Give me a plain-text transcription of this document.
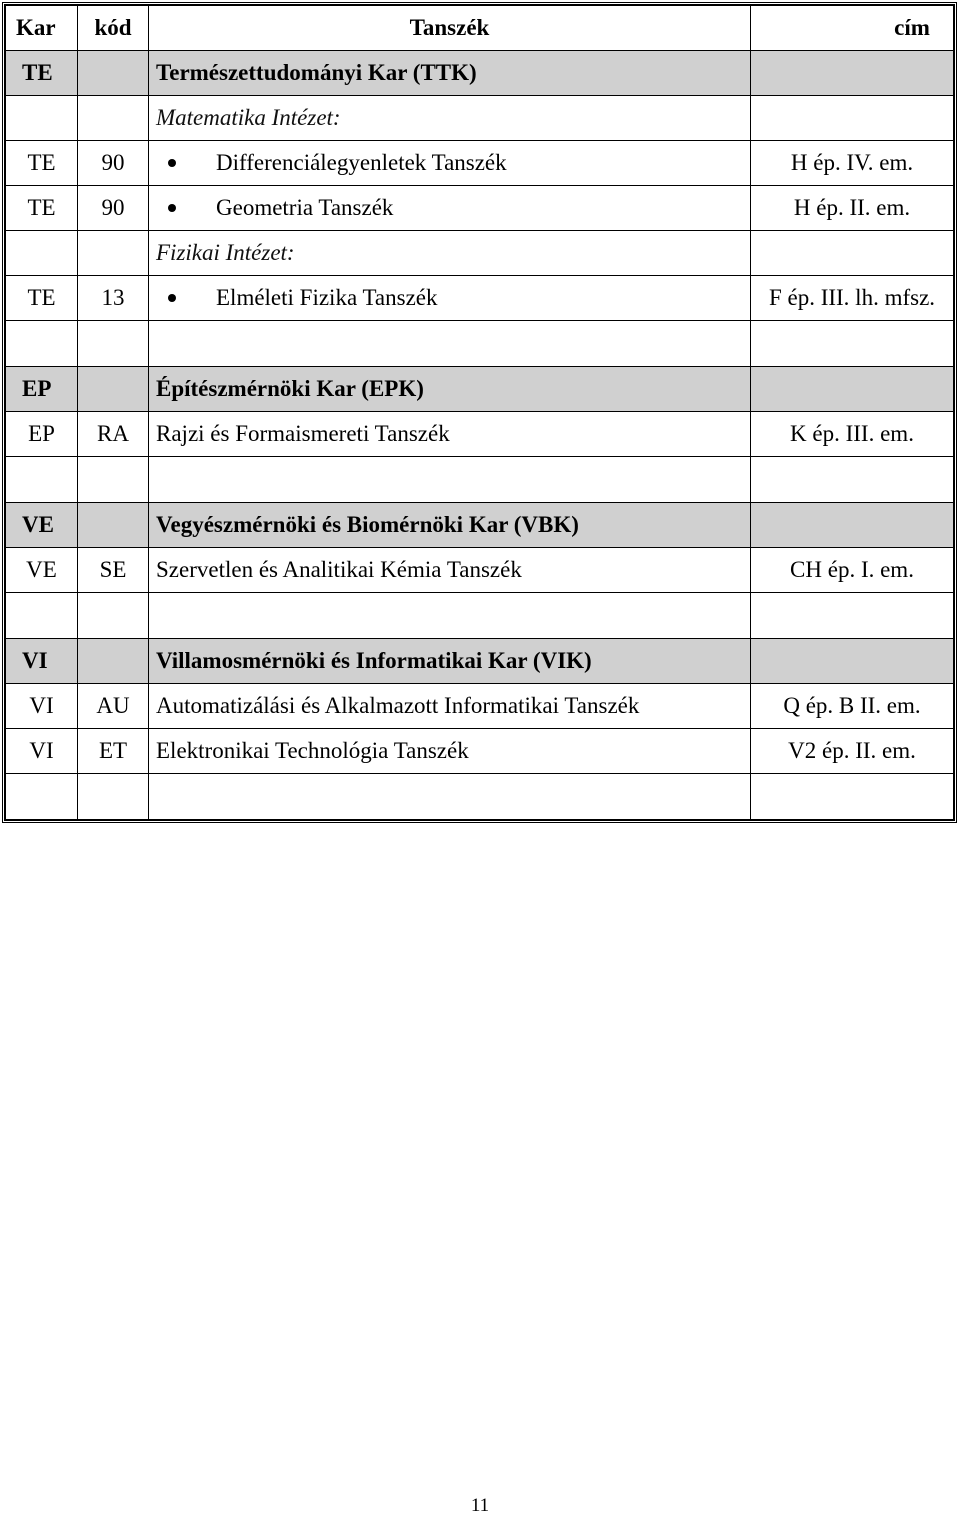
Kar	kód	Tanszék	cím
TE		Természettudományi Kar (TTK)	
		Matematika Intézet:	
TE	90	Differenciálegyenletek Tanszék	H ép. IV. em.
TE	90	Geometria Tanszék	H ép. II. em.
		Fizikai Intézet:	
TE	13	Elméleti Fizika Tanszék	F ép. III. lh. mfsz.

EP		Építészmérnöki Kar (EPK)	
EP	RA	Rajzi és Formaismereti Tanszék	K ép. III. em.

VE		Vegyészmérnöki és Biomérnöki Kar (VBK)	
VE	SE	Szervetlen és Analitikai Kémia Tanszék	CH ép. I. em.

VI		Villamosmérnöki és Informatikai Kar (VIK)	
VI	AU	Automatizálási és Alkalmazott Informatikai Tanszék	Q ép. B II. em.
VI	ET	Elektronikai Technológia Tanszék	V2 ép. II. em.

11
